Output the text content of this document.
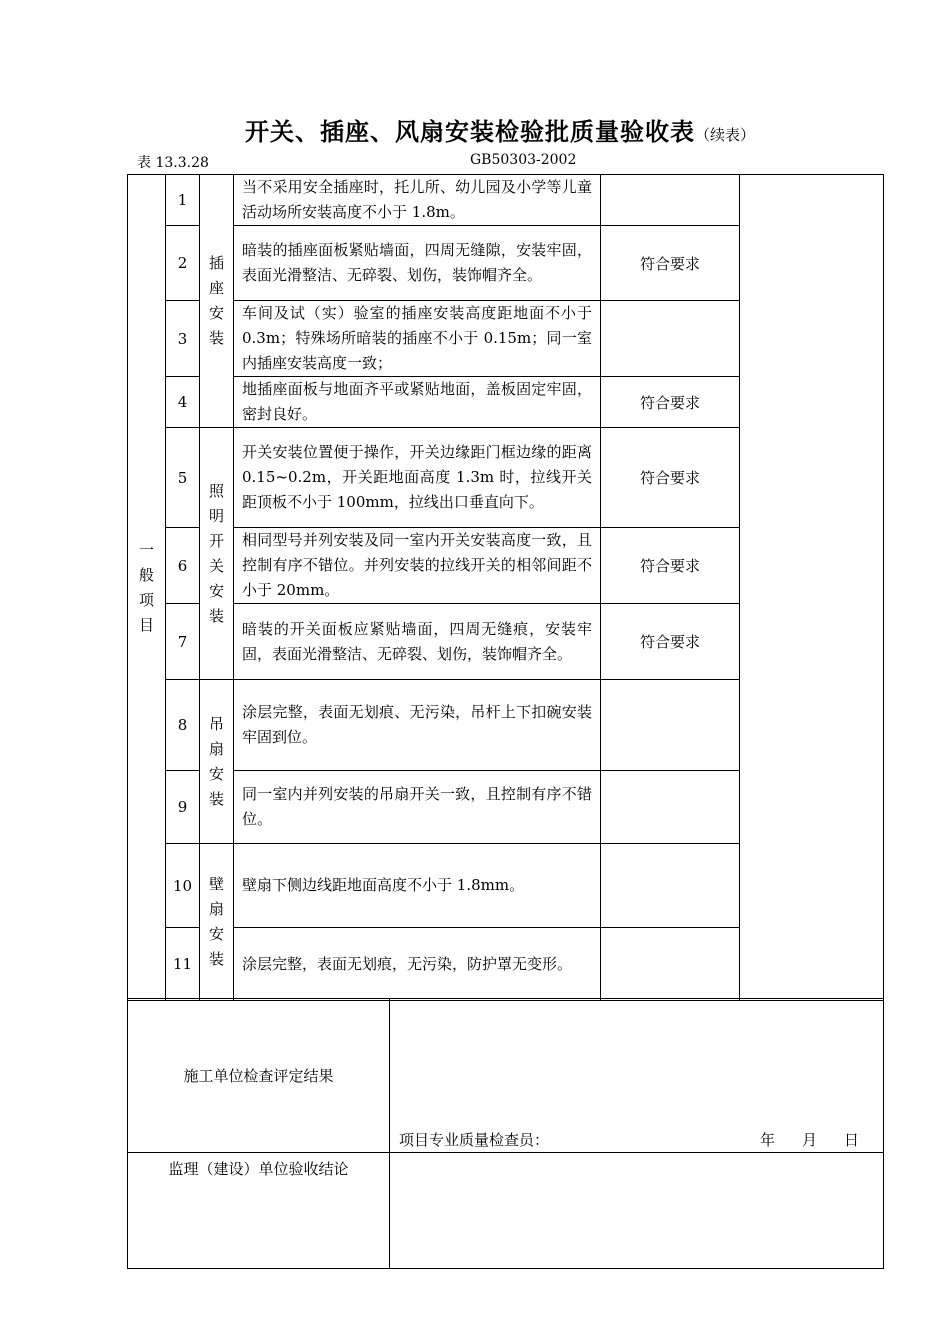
开关、插座、风扇安装检验批质量验收表（续表）
表 13.3.28	GB50303-2002
一般项目	1	插座安装	当不采用安全插座时，托儿所、幼儿园及小学等儿童活动场所安装高度不小于 1.8m。		
	2		暗装的插座面板紧贴墙面，四周无缝隙，安装牢固，表面光滑整洁、无碎裂、划伤，装饰帽齐全。	符合要求	
	3		车间及试（实）验室的插座安装高度距地面不小于 0.3m；特殊场所暗装的插座不小于 0.15m；同一室内插座安装高度一致；		
	4		地插座面板与地面齐平或紧贴地面，盖板固定牢固，密封良好。	符合要求	
	5	照明开关安装	开关安装位置便于操作，开关边缘距门框边缘的距离 0.15~0.2m，开关距地面高度 1.3m 时，拉线开关距顶板不小于 100mm，拉线出口垂直向下。	符合要求	
	6		相同型号并列安装及同一室内开关安装高度一致，且控制有序不错位。并列安装的拉线开关的相邻间距不小于 20mm。	符合要求	
	7		暗装的开关面板应紧贴墙面，四周无缝痕，安装牢固，表面光滑整洁、无碎裂、划伤，装饰帽齐全。	符合要求	
	8	吊扇安装	涂层完整，表面无划痕、无污染，吊杆上下扣碗安装牢固到位。		
	9		同一室内并列安装的吊扇开关一致，且控制有序不错位。		
	10	壁扇安装	壁扇下侧边线距地面高度不小于 1.8mm。		
	11		涂层完整，表面无划痕，无污染，防护罩无变形。		
施工单位检查评定结果	项目专业质量检查员： 年 月 日

监理（建设）单位验收结论	
